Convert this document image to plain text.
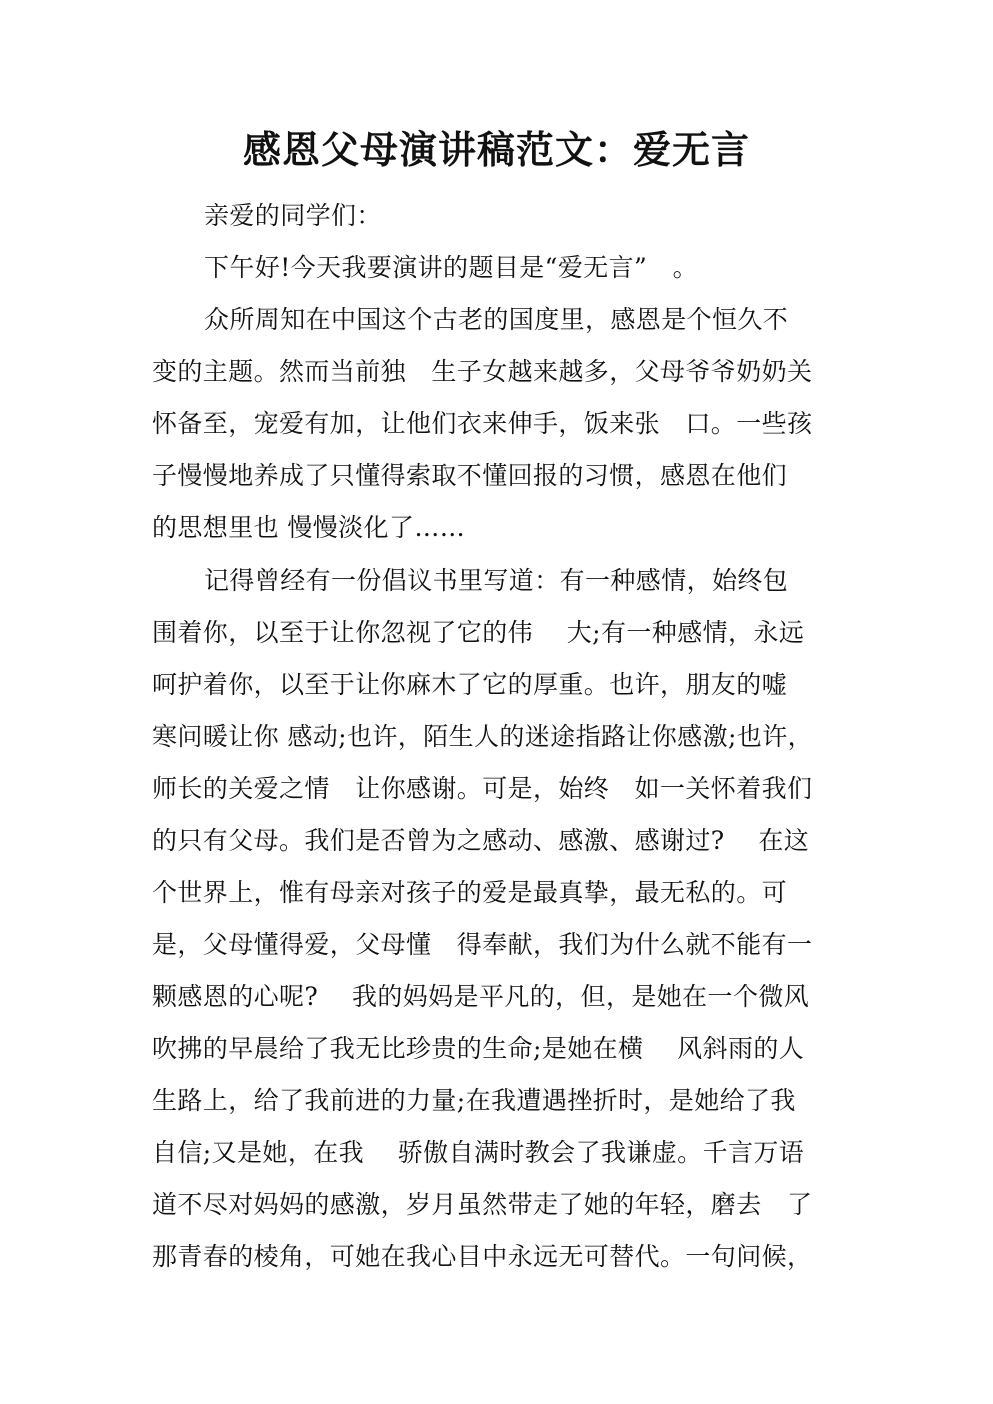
感恩父母演讲稿范文：爱无言

亲爱的同学们：

下午好!今天我要演讲的题目是“爱无言”　。

众所周知在中国这个古老的国度里，感恩是个恒久不

变的主题。然而当前独　生子女越来越多，父母爷爷奶奶关

怀备至，宠爱有加，让他们衣来伸手，饭来张　口。一些孩

子慢慢地养成了只懂得索取不懂回报的习惯，感恩在他们

的思想里也 慢慢淡化了……

记得曾经有一份倡议书里写道：有一种感情，始终包

围着你，以至于让你忽视了它的伟　 大;有一种感情，永远

呵护着你，以至于让你麻木了它的厚重。也许，朋友的嘘

寒问暖让你 感动;也许，陌生人的迷途指路让你感激;也许，

师长的关爱之情　让你感谢。可是，始终　如一关怀着我们

的只有父母。我们是否曾为之感动、感激、感谢过?　 在这

个世界上，惟有母亲对孩子的爱是最真挚，最无私的。可

是，父母懂得爱，父母懂　得奉献，我们为什么就不能有一

颗感恩的心呢?　 我的妈妈是平凡的，但，是她在一个微风

吹拂的早晨给了我无比珍贵的生命;是她在横　 风斜雨的人

生路上，给了我前进的力量;在我遭遇挫折时，是她给了我

自信;又是她，在我　 骄傲自满时教会了我谦虚。千言万语

道不尽对妈妈的感激，岁月虽然带走了她的年轻，磨去　了

那青春的棱角，可她在我心目中永远无可替代。一句问候，
